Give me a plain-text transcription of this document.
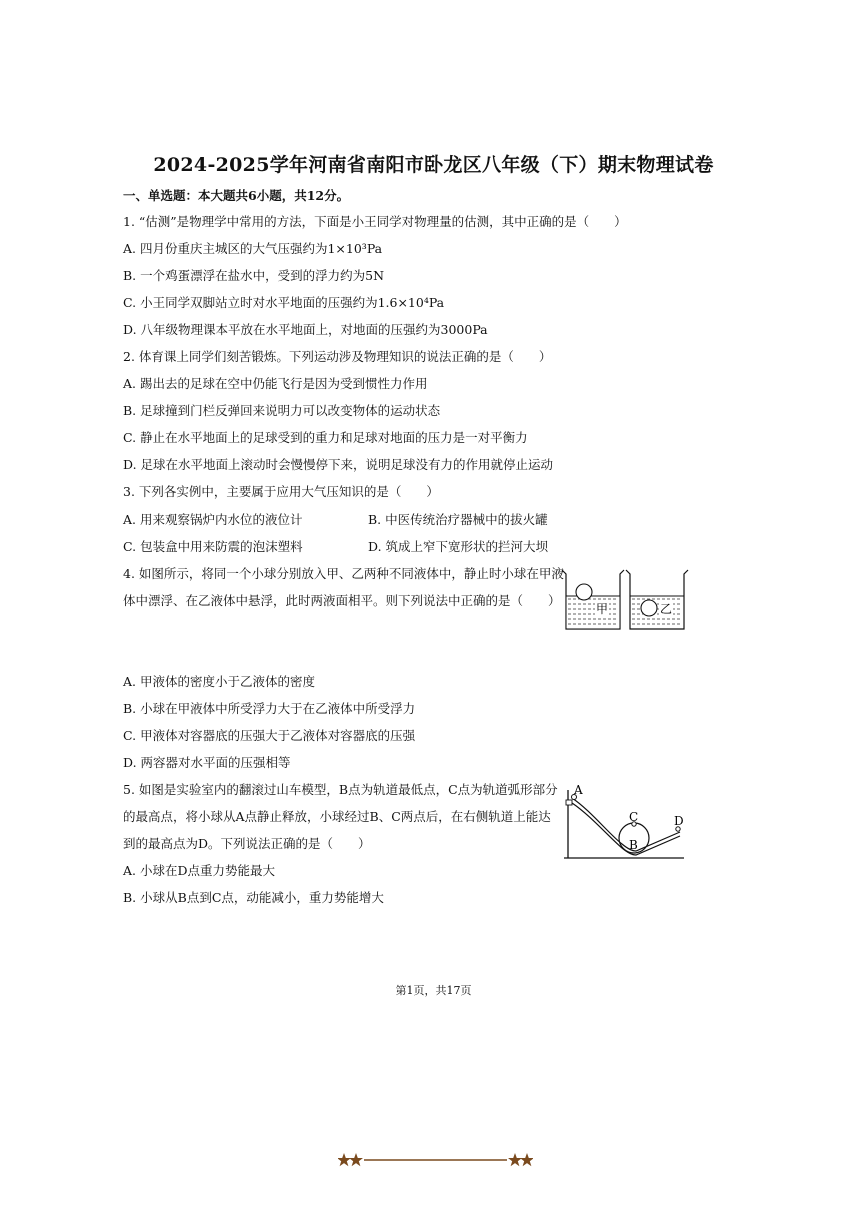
2024-2025学年河南省南阳市卧龙区八年级（下）期末物理试卷
一、单选题：本大题共6小题，共12分。
1. “估测”是物理学中常用的方法，下面是小王同学对物理量的估测，其中正确的是（　　）
A. 四月份重庆主城区的大气压强约为1×10³Pa
B. 一个鸡蛋漂浮在盐水中，受到的浮力约为5N
C. 小王同学双脚站立时对水平地面的压强约为1.6×10⁴Pa
D. 八年级物理课本平放在水平地面上，对地面的压强约为3000Pa
2. 体育课上同学们刻苦锻炼。下列运动涉及物理知识的说法正确的是（　　）
A. 踢出去的足球在空中仍能飞行是因为受到惯性力作用
B. 足球撞到门栏反弹回来说明力可以改变物体的运动状态
C. 静止在水平地面上的足球受到的重力和足球对地面的压力是一对平衡力
D. 足球在水平地面上滚动时会慢慢停下来，说明足球没有力的作用就停止运动
3. 下列各实例中，主要属于应用大气压知识的是（　　）
A. 用来观察锅炉内水位的液位计	B. 中医传统治疗器械中的拔火罐
C. 包装盒中用来防震的泡沫塑料	D. 筑成上窄下宽形状的拦河大坝
4. 如图所示，将同一个小球分别放入甲、乙两种不同液体中，静止时小球在甲液
体中漂浮、在乙液体中悬浮，此时两液面相平。则下列说法中正确的是（　　）
甲	乙
A. 甲液体的密度小于乙液体的密度
B. 小球在甲液体中所受浮力大于在乙液体中所受浮力
C. 甲液体对容器底的压强大于乙液体对容器底的压强
D. 两容器对水平面的压强相等
5. 如图是实验室内的翻滚过山车模型，B点为轨道最低点，C点为轨道弧形部分
的最高点，将小球从A点静止释放，小球经过B、C两点后，在右侧轨道上能达
到的最高点为D。下列说法正确的是（　　）
A
B
C	D
A. 小球在D点重力势能最大
B. 小球从B点到C点，动能减小，重力势能增大
第1页，共17页
